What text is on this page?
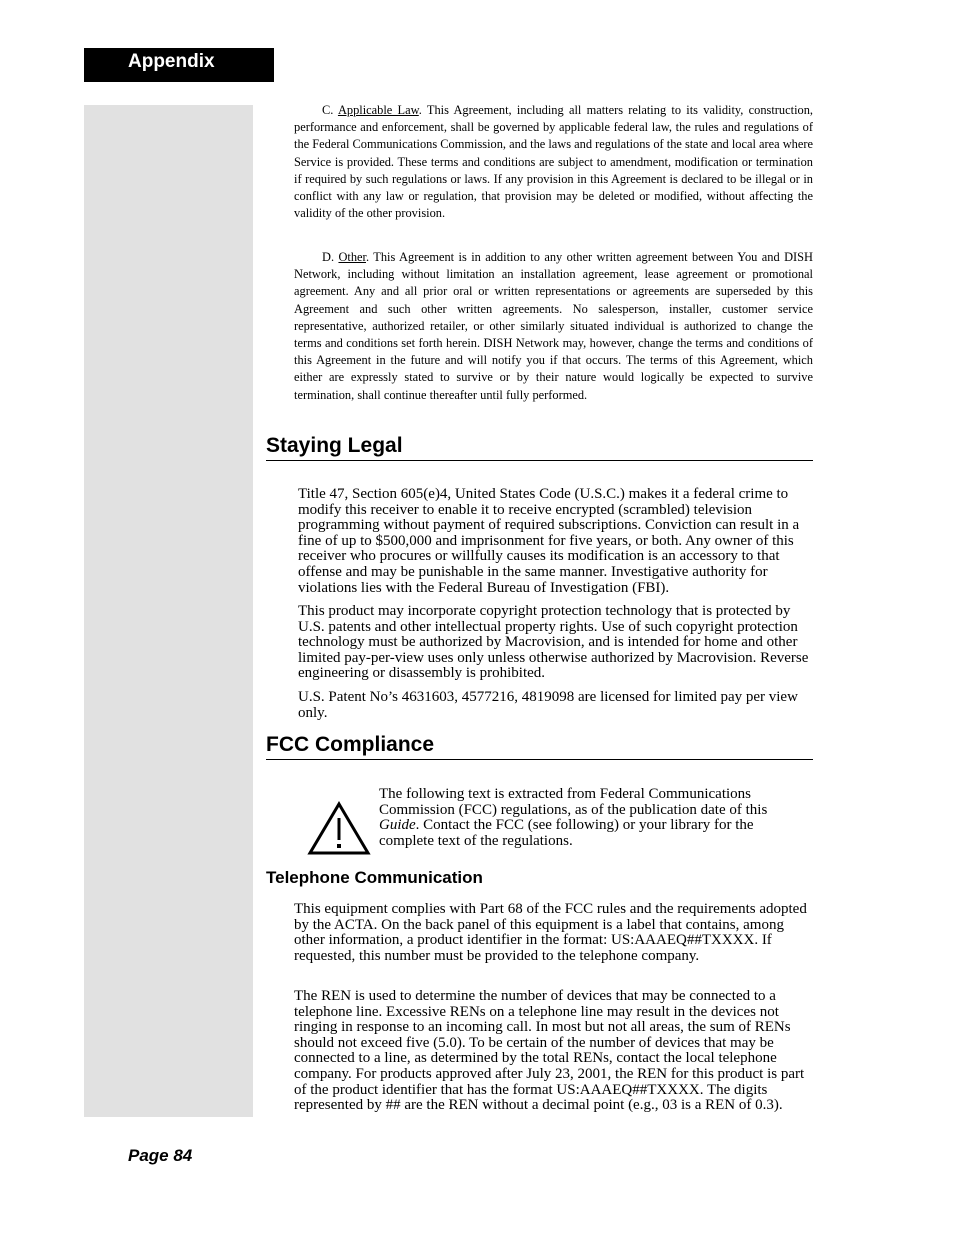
Appendix

C. Applicable Law. This Agreement, including all matters relating to its validity, construction, performance and enforcement, shall be governed by applicable federal law, the rules and regulations of the Federal Communications Commission, and the laws and regulations of the state and local area where Service is provided. These terms and conditions are subject to amendment, modification or termination if required by such regulations or laws. If any provision in this Agreement is declared to be illegal or in conflict with any law or regulation, that provision may be deleted or modified, without affecting the validity of the other provision.

D. Other. This Agreement is in addition to any other written agreement between You and DISH Network, including without limitation an installation agreement, lease agreement or promotional agreement. Any and all prior oral or written representations or agreements are superseded by this Agreement and such other written agreements. No salesperson, installer, customer service representative, authorized retailer, or other similarly situated individual is authorized to change the terms and conditions set forth herein. DISH Network may, however, change the terms and conditions of this Agreement in the future and will notify you if that occurs. The terms of this Agreement, which either are expressly stated to survive or by their nature would logically be expected to survive termination, shall continue thereafter until fully performed.

Staying Legal

Title 47, Section 605(e)4, United States Code (U.S.C.) makes it a federal crime to modify this receiver to enable it to receive encrypted (scrambled) television programming without payment of required subscriptions. Conviction can result in a fine of up to $500,000 and imprisonment for five years, or both. Any owner of this receiver who procures or willfully causes its modification is an accessory to that offense and may be punishable in the same manner. Investigative authority for violations lies with the Federal Bureau of Investigation (FBI).

This product may incorporate copyright protection technology that is protected by U.S. patents and other intellectual property rights. Use of such copyright protection technology must be authorized by Macrovision, and is intended for home and other limited pay-per-view uses only unless otherwise authorized by Macrovision. Reverse engineering or disassembly is prohibited.

U.S. Patent No’s 4631603, 4577216, 4819098 are licensed for limited pay per view only.

FCC Compliance

The following text is extracted from Federal Communications Commission (FCC) regulations, as of the publication date of this Guide. Contact the FCC (see following) or your library for the complete text of the regulations.

Telephone Communication

This equipment complies with Part 68 of the FCC rules and the requirements adopted by the ACTA. On the back panel of this equipment is a label that contains, among other information, a product identifier in the format: US:AAAEQ##TXXXX. If requested, this number must be provided to the telephone company.

The REN is used to determine the number of devices that may be connected to a telephone line. Excessive RENs on a telephone line may result in the devices not ringing in response to an incoming call. In most but not all areas, the sum of RENs should not exceed five (5.0). To be certain of the number of devices that may be connected to a line, as determined by the total RENs, contact the local telephone company. For products approved after July 23, 2001, the REN for this product is part of the product identifier that has the format US:AAAEQ##TXXXX. The digits represented by ## are the REN without a decimal point (e.g., 03 is a REN of 0.3).

Page 84
